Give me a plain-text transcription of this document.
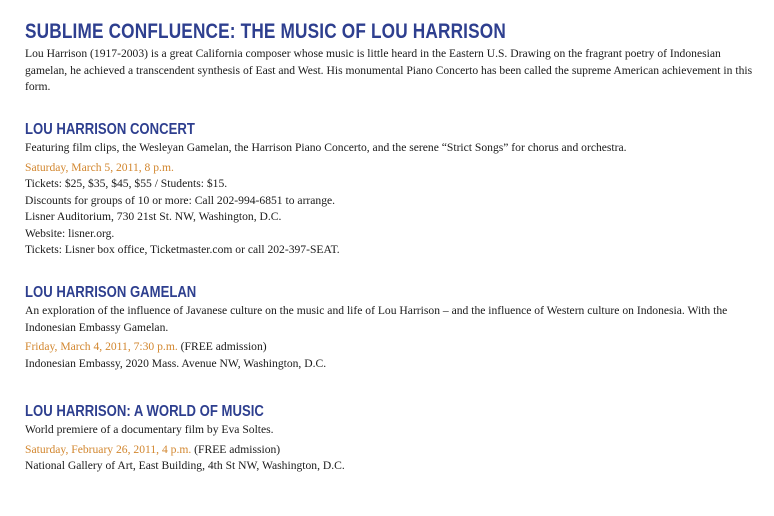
SUBLIME CONFLUENCE: THE MUSIC OF LOU HARRISON
Lou Harrison (1917-2003) is a great California composer whose music is little heard in the Eastern U.S. Drawing on the fragrant poetry of Indonesian gamelan, he achieved a transcendent synthesis of East and West. His monumental Piano Concerto has been called the supreme American achievement in this form.
LOU HARRISON CONCERT
Featuring film clips, the Wesleyan Gamelan, the Harrison Piano Concerto, and the serene “Strict Songs” for chorus and orchestra.
Saturday, March 5, 2011, 8 p.m.
Tickets: $25, $35, $45, $55 / Students: $15.
Discounts for groups of 10 or more: Call 202-994-6851 to arrange.
Lisner Auditorium, 730 21st St. NW, Washington, D.C.
Website: lisner.org.
Tickets: Lisner box office, Ticketmaster.com or call 202-397-SEAT.
LOU HARRISON GAMELAN
An exploration of the influence of Javanese culture on the music and life of Lou Harrison – and the influence of Western culture on Indonesia. With the Indonesian Embassy Gamelan.
Friday, March 4, 2011, 7:30 p.m. (FREE admission)
Indonesian Embassy, 2020 Mass. Avenue NW, Washington, D.C.
LOU HARRISON: A WORLD OF MUSIC
World premiere of a documentary film by Eva Soltes.
Saturday, February 26, 2011, 4 p.m. (FREE admission)
National Gallery of Art, East Building, 4th St NW, Washington, D.C.
